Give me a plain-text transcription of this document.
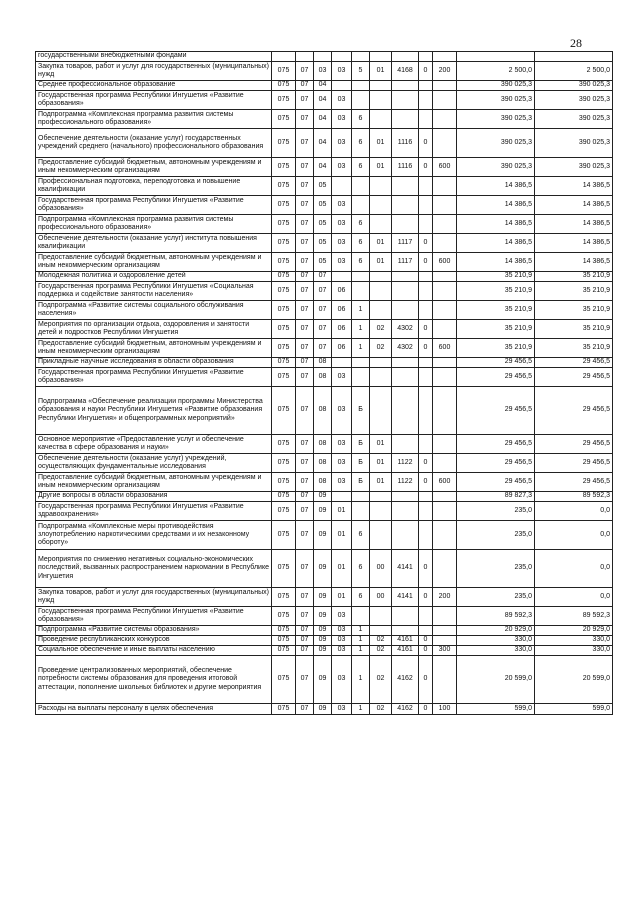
28
государственными внебюджетными фондами											
Закупка товаров, работ и услуг для государственных (муниципальных) нужд	075	07	03	03	5	01	4168	0	200	2 500,0	2 500,0
Среднее профессиональное образование	075	07	04							390 025,3	390 025,3
Государственная программа Республики Ингушетия «Развитие образования»	075	07	04	03						390 025,3	390 025,3
Подпрограмма «Комплексная программа развития системы профессионального образования»	075	07	04	03	6					390 025,3	390 025,3
Обеспечение деятельности (оказание услуг) государственных учреждений среднего (начального) профессионального образования	075	07	04	03	6	01	1116	0		390 025,3	390 025,3
Предоставление субсидий бюджетным, автономным учреждениям и иным некоммерческим организациям	075	07	04	03	6	01	1116	0	600	390 025,3	390 025,3
Профессиональная подготовка, переподготовка и повышение квалификации	075	07	05							14 386,5	14 386,5
Государственная программа Республики Ингушетия «Развитие образования»	075	07	05	03						14 386,5	14 386,5
Подпрограмма «Комплексная программа развития системы профессионального образования»	075	07	05	03	6					14 386,5	14 386,5
Обеспечение деятельности (оказание услуг) института повышения квалификации	075	07	05	03	6	01	1117	0		14 386,5	14 386,5
Предоставление субсидий бюджетным, автономным учреждениям и иным некоммерческим организациям	075	07	05	03	6	01	1117	0	600	14 386,5	14 386,5
Молодежная политика и оздоровление детей	075	07	07							35 210,9	35 210,9
Государственная программа Республики Ингушетия «Социальная поддержка и содействие занятости населения»	075	07	07	06						35 210,9	35 210,9
Подпрограмма «Развитие системы социального обслуживания населения»	075	07	07	06	1					35 210,9	35 210,9
Мероприятия по организации отдыха, оздоровления и занятости детей и подростков Республики Ингушетия	075	07	07	06	1	02	4302	0		35 210,9	35 210,9
Предоставление субсидий бюджетным, автономным учреждениям и иным некоммерческим организациям	075	07	07	06	1	02	4302	0	600	35 210,9	35 210,9
Прикладные научные исследования в области образования	075	07	08							29 456,5	29 456,5
Государственная программа Республики Ингушетия «Развитие образования»	075	07	08	03						29 456,5	29 456,5
Подпрограмма «Обеспечение реализации программы Министерства образования и науки Республики Ингушетия «Развитие образования Республики Ингушетия» и общепрограммных мероприятий»	075	07	08	03	Б					29 456,5	29 456,5
Основное мероприятие «Предоставление услуг и обеспечение качества в сфере образования и науки»	075	07	08	03	Б	01				29 456,5	29 456,5
Обеспечение деятельности (оказание услуг) учреждений, осуществляющих фундаментальные исследования	075	07	08	03	Б	01	1122	0		29 456,5	29 456,5
Предоставление субсидий бюджетным, автономным учреждениям и иным некоммерческим организациям	075	07	08	03	Б	01	1122	0	600	29 456,5	29 456,5
Другие вопросы в области образования	075	07	09							89 827,3	89 592,3
Государственная программа Республики Ингушетия «Развитие здравоохранения»	075	07	09	01						235,0	0,0
Подпрограмма «Комплексные меры противодействия злоупотреблению наркотическими средствами и их незаконному обороту»	075	07	09	01	6					235,0	0,0
Мероприятия по снижению негативных социально-экономических последствий, вызванных распространением наркомании в Республике Ингушетия	075	07	09	01	6	00	4141	0		235,0	0,0
Закупка товаров, работ и услуг для государственных (муниципальных) нужд	075	07	09	01	6	00	4141	0	200	235,0	0,0
Государственная программа Республики Ингушетия «Развитие образования»	075	07	09	03						89 592,3	89 592,3
Подпрограмма «Развитие системы образования»	075	07	09	03	1					20 929,0	20 929,0
Проведение республиканских конкурсов	075	07	09	03	1	02	4161	0		330,0	330,0
Социальное обеспечение и иные выплаты населению	075	07	09	03	1	02	4161	0	300	330,0	330,0
Проведение централизованных мероприятий, обеспечение потребности системы образования для проведения итоговой аттестации, пополнение школьных библиотек и другие мероприятия	075	07	09	03	1	02	4162	0		20 599,0	20 599,0
Расходы на выплаты персоналу в целях обеспечения	075	07	09	03	1	02	4162	0	100	599,0	599,0
